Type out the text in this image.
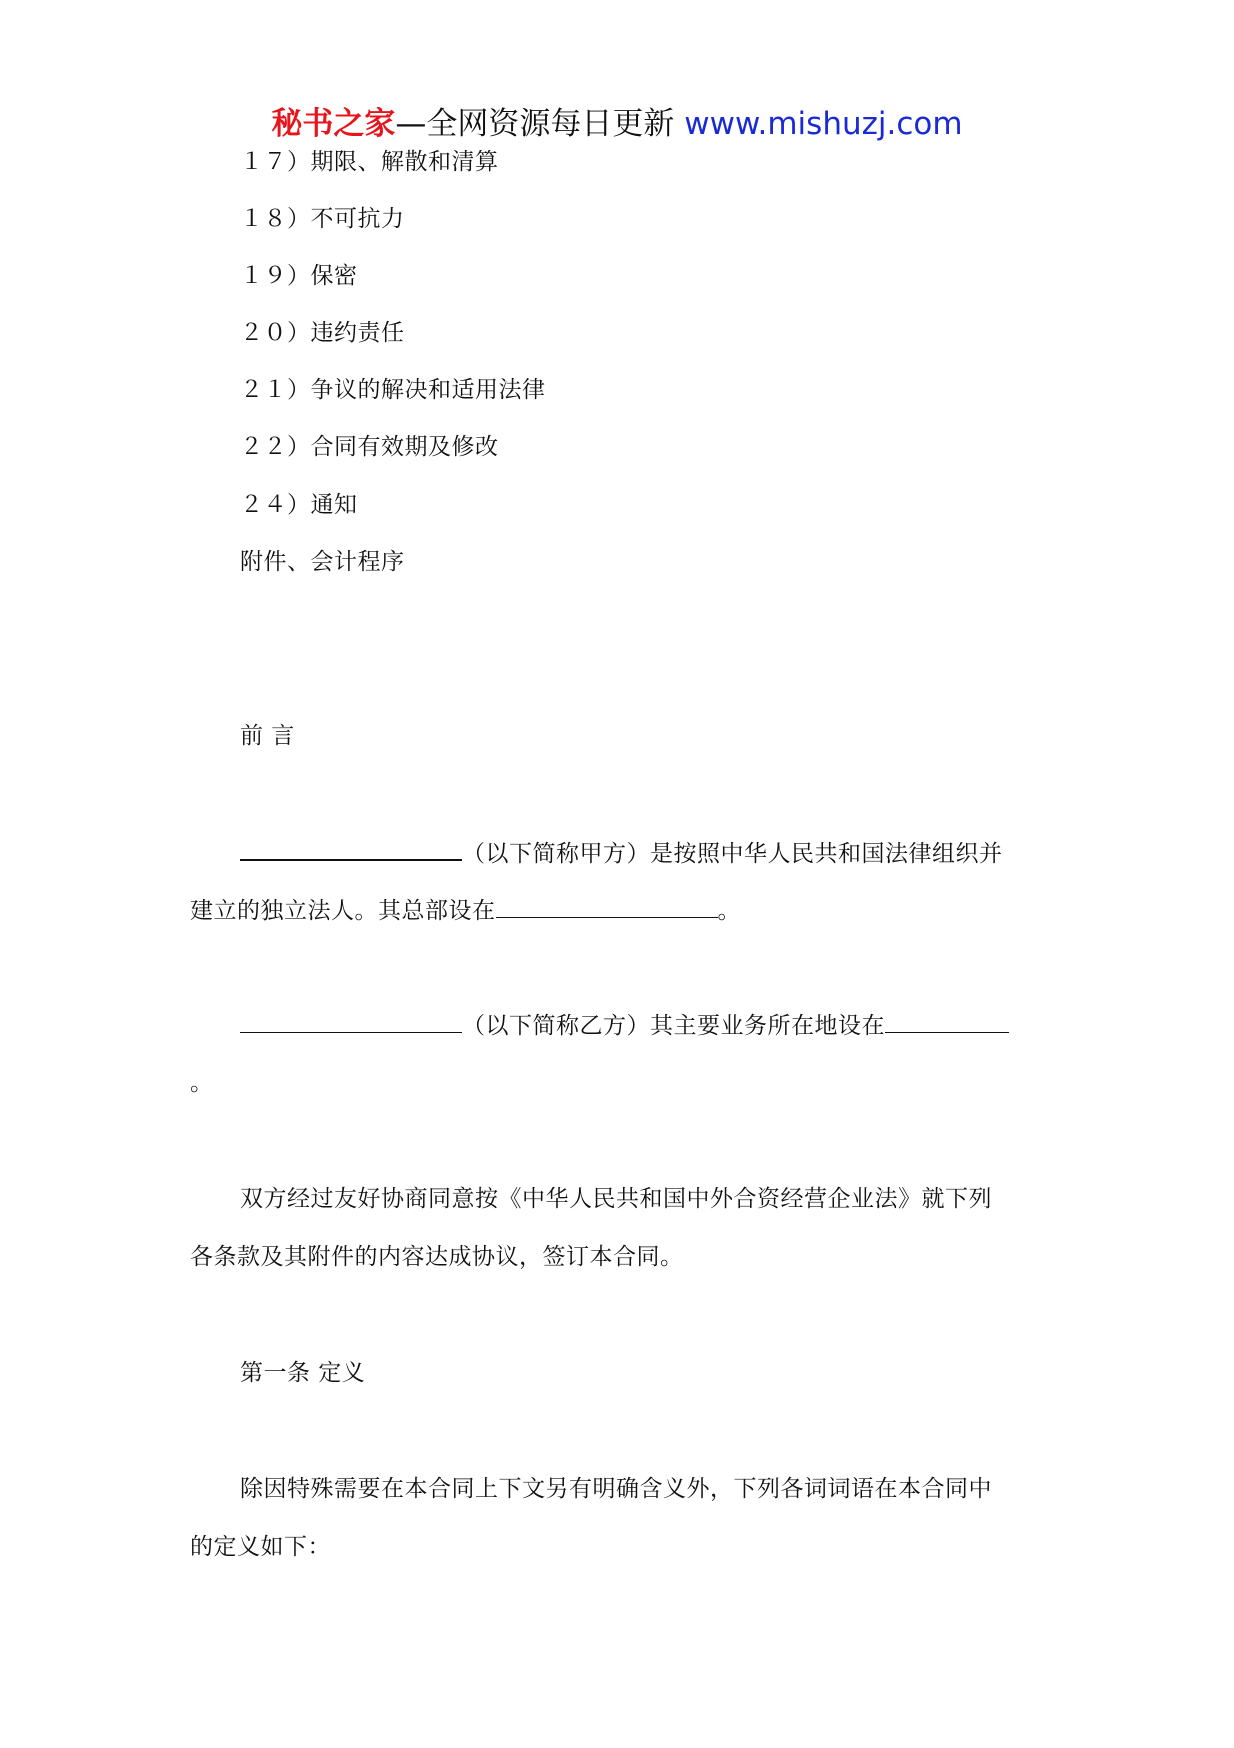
秘书之家—全网资源每日更新 www.mishuzj.com
１７）期限、解散和清算
１８）不可抗力
１９）保密
２０）违约责任
２１）争议的解决和适用法律
２２）合同有效期及修改
２４）通知
附件、会计程序
前 言
（以下简称甲方）是按照中华人民共和国法律组织并
建立的独立法人。其总部设在	。
（以下简称乙方）其主要业务所在地设在
。
双方经过友好协商同意按《中华人民共和国中外合资经营企业法》就下列
各条款及其附件的内容达成协议，签订本合同。
第一条 定义
除因特殊需要在本合同上下文另有明确含义外，下列各词词语在本合同中
的定义如下：
